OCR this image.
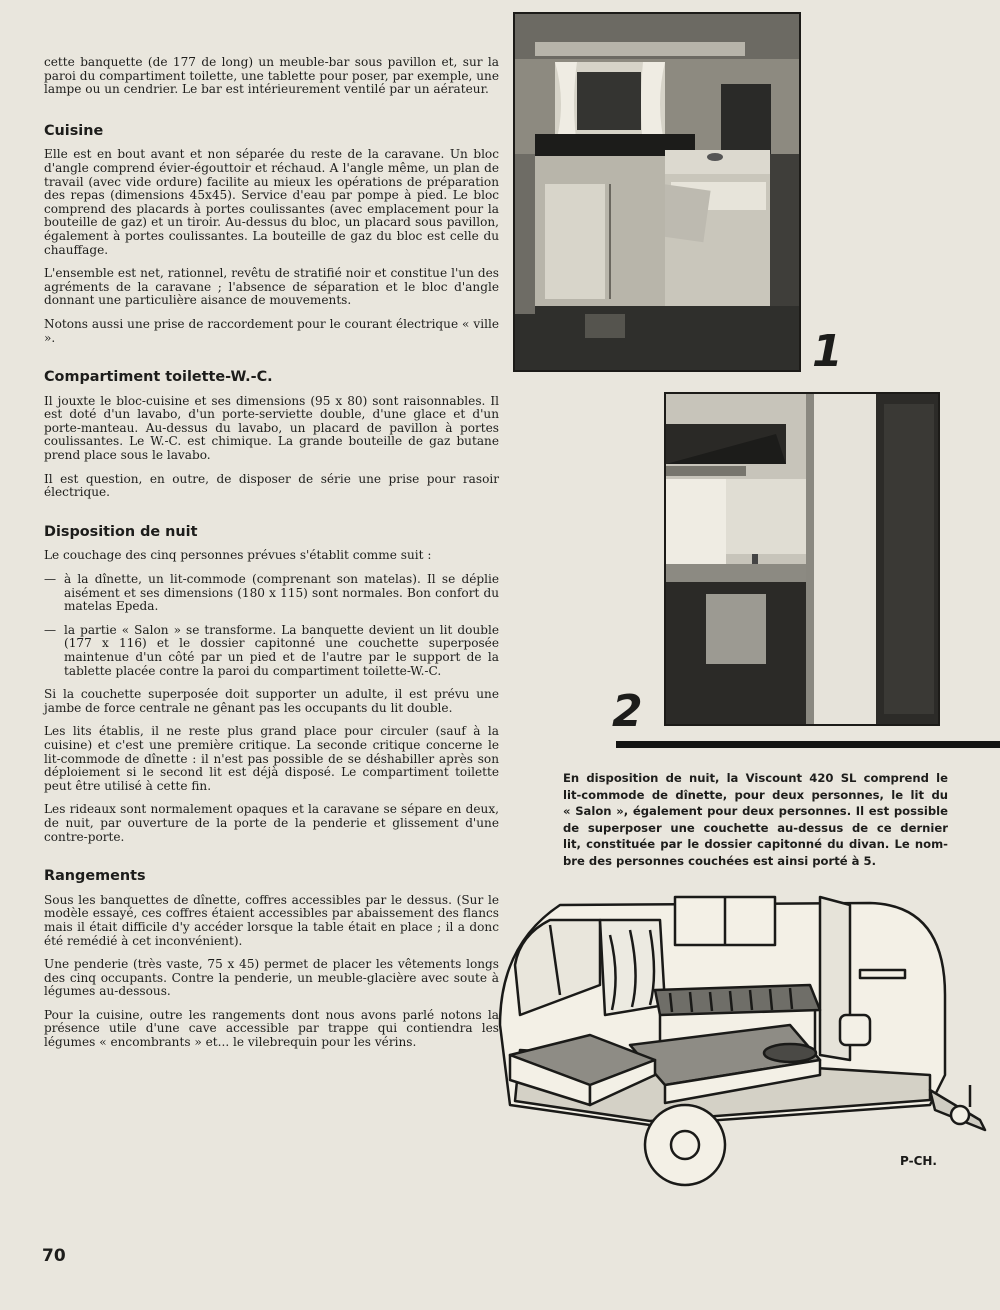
cette banquette (de 177 de long) un meuble-bar sous pavillon et, sur la paroi du compartiment toilette, une tablette pour poser, par exemple, une lampe ou un cendrier. Le bar est intérieurement ventilé par un aérateur.

Cuisine

Elle est en bout avant et non séparée du reste de la caravane. Un bloc d'angle comprend évier-égouttoir et réchaud. A l'angle même, un plan de travail (avec vide ordure) facilite au mieux les opérations de préparation des repas (dimensions 45x45). Service d'eau par pompe à pied. Le bloc comprend des placards à portes coulissantes (avec emplacement pour la bouteille de gaz) et un tiroir. Au-dessus du bloc, un placard sous pavillon, également à portes coulissantes. La bouteille de gaz du bloc est celle du chauffage.

L'ensemble est net, rationnel, revêtu de stratifié noir et constitue l'un des agréments de la caravane ; l'absence de séparation et le bloc d'angle donnant une particulière aisance de mouvements.

Notons aussi une prise de raccordement pour le courant électrique « ville ».

Compartiment toilette-W.-C.

Il jouxte le bloc-cuisine et ses dimensions (95 x 80) sont raisonnables. Il est doté d'un lavabo, d'un porte-serviette double, d'une glace et d'un porte-manteau. Au-dessus du lavabo, un placard de pavillon à portes coulissantes. Le W.-C. est chimique. La grande bouteille de gaz butane prend place sous le lavabo.

Il est question, en outre, de disposer de série une prise pour rasoir électrique.

Disposition de nuit

Le couchage des cinq personnes prévues s'établit comme suit :

— à la dînette, un lit-commode (comprenant son matelas). Il se déplie aisément et ses dimensions (180 x 115) sont normales. Bon confort du matelas Epeda.
— la partie « Salon » se transforme. La banquette devient un lit double (177 x 116) et le dossier capitonné une couchette superposée maintenue d'un côté par un pied et de l'autre par le support de la tablette placée contre la paroi du compartiment toilette-W.-C.

Si la couchette superposée doit supporter un adulte, il est prévu une jambe de force centrale ne gênant pas les occupants du lit double.

Les lits établis, il ne reste plus grand place pour circuler (sauf à la cuisine) et c'est une première critique. La seconde critique concerne le lit-commode de dînette : il n'est pas possible de se déshabiller après son déploiement si le second lit est déjà disposé. Le compartiment toilette peut être utilisé à cette fin.

Les rideaux sont normalement opaques et la caravane se sépare en deux, de nuit, par ouverture de la porte de la penderie et glissement d'une contre-porte.

Rangements

Sous les banquettes de dînette, coffres accessibles par le dessus. (Sur le modèle essayé, ces coffres étaient accessibles par abaissement des flancs mais il était difficile d'y accéder lorsque la table était en place ; il a donc été remédié à cet inconvénient).

Une penderie (très vaste, 75 x 45) permet de placer les vêtements longs des cinq occupants. Contre la penderie, un meuble-glacière avec soute à légumes au-dessous.

Pour la cuisine, outre les rangements dont nous avons parlé notons la présence utile d'une cave accessible par trappe qui contiendra les légumes « encombrants » et... le vilebrequin pour les vérins.

70
1
2
En disposition de nuit, la Viscount 420 SL comprend le
lit-commode de dînette, pour deux personnes, le lit du
« Salon », également pour deux personnes. Il est possible
de superposer une couchette au-dessus de ce dernier
lit, constituée par le dossier capitonné du divan. Le nom-
bre des personnes couchées est ainsi porté à 5.
P-CH.
